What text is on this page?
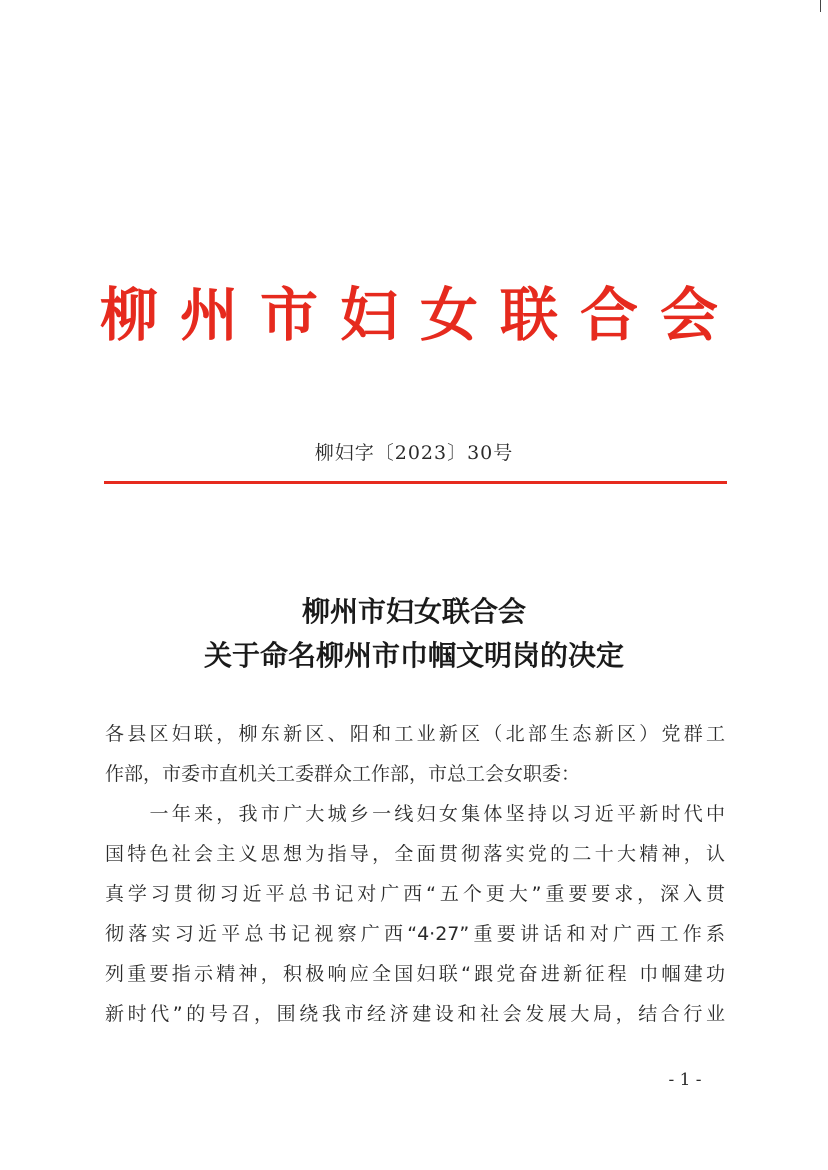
柳州市妇女联合会
柳妇字〔2023〕30号
柳州市妇女联合会
关于命名柳州市巾帼文明岗的决定
各县区妇联，柳东新区、阳和工业新区（北部生态新区）党群工
作部，市委市直机关工委群众工作部，市总工会女职委：
　　一年来，我市广大城乡一线妇女集体坚持以习近平新时代中
国特色社会主义思想为指导，全面贯彻落实党的二十大精神，认
真学习贯彻习近平总书记对广西“五个更大”重要要求，深入贯
彻落实习近平总书记视察广西“4·27”重要讲话和对广西工作系
列重要指示精神，积极响应全国妇联“跟党奋进新征程 巾帼建功
新时代”的号召，围绕我市经济建设和社会发展大局，结合行业
- 1 -
